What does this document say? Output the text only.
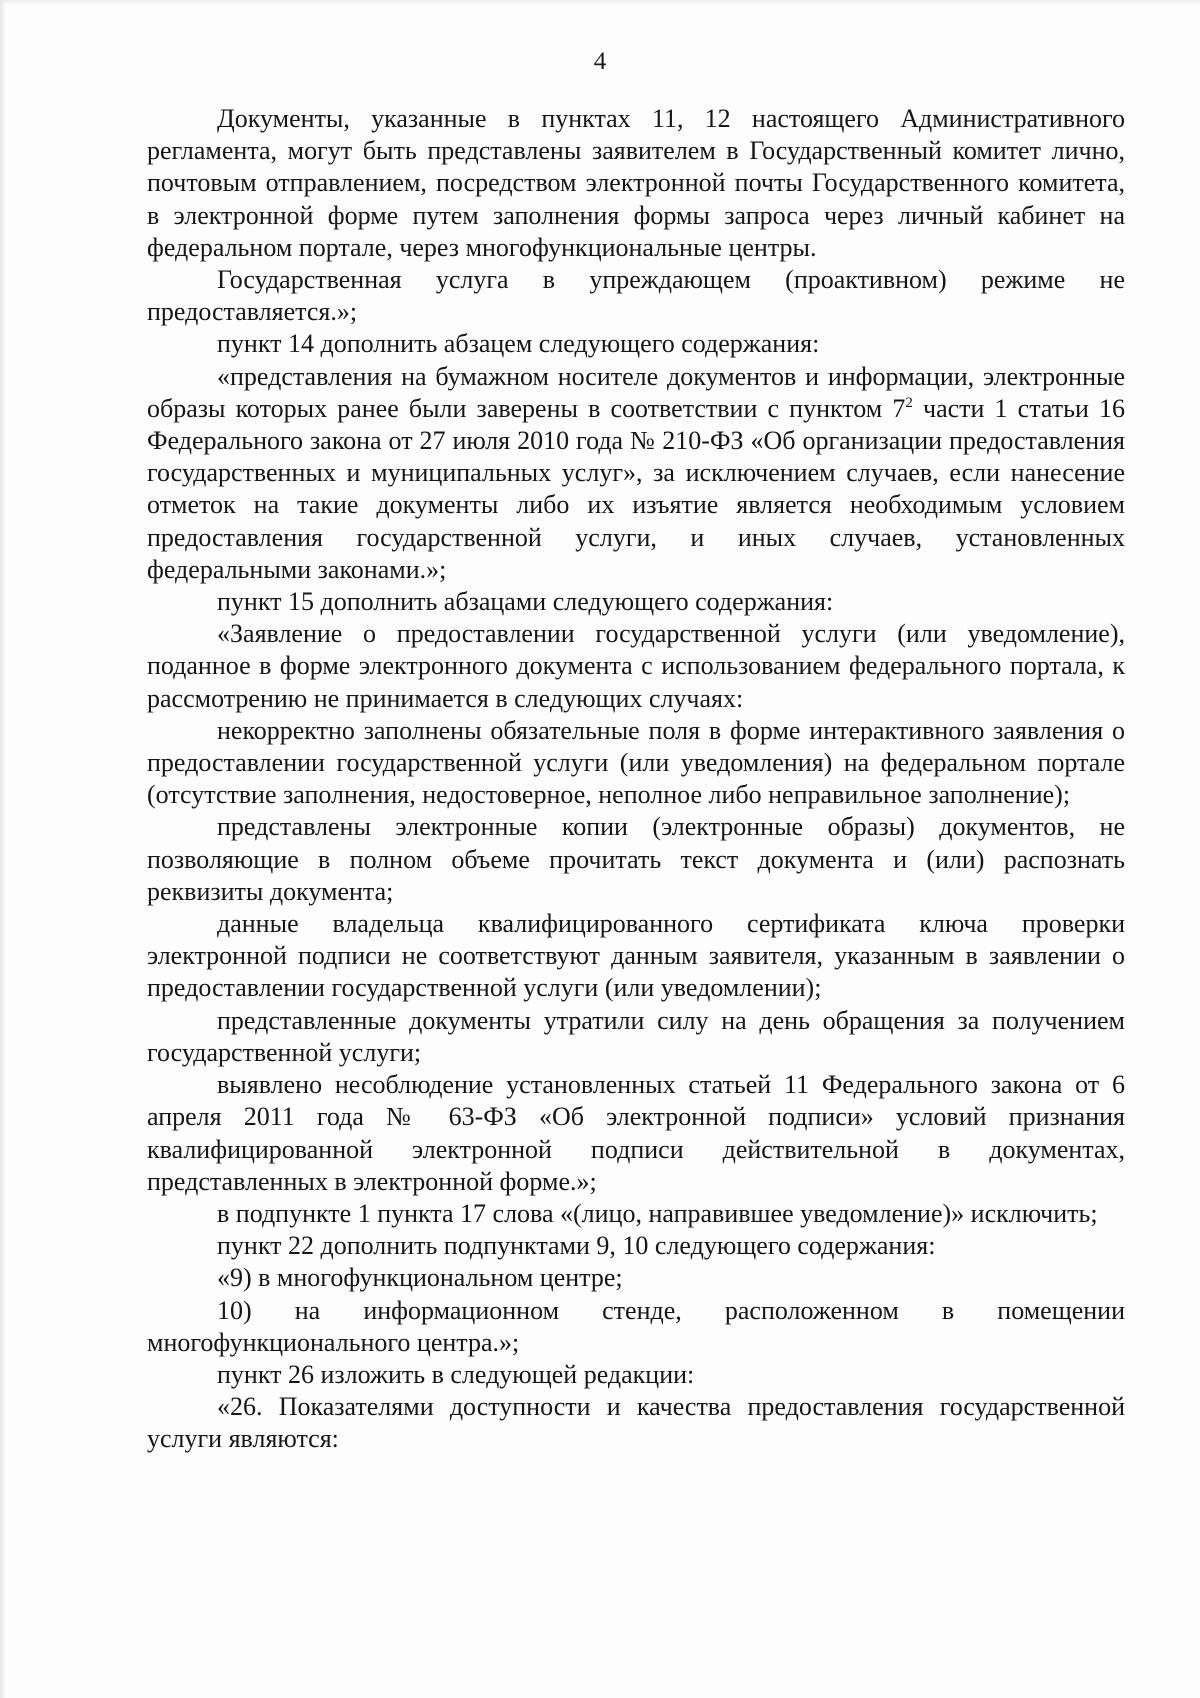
4

Документы, указанные в пунктах 11, 12 настоящего Административного регламента, могут быть представлены заявителем в Государственный комитет лично, почтовым отправлением, посредством электронной почты Государственного комитета, в электронной форме путем заполнения формы запроса через личный кабинет на федеральном портале, через многофункциональные центры.

Государственная услуга в упреждающем (проактивном) режиме не предоставляется.»;

пункт 14 дополнить абзацем следующего содержания:

«представления на бумажном носителе документов и информации, электронные образы которых ранее были заверены в соответствии с пунктом $7^2$ части 1 статьи 16 Федерального закона от 27 июля 2010 года № 210-ФЗ «Об организации предоставления государственных и муниципальных услуг», за исключением случаев, если нанесение отметок на такие документы либо их изъятие является необходимым условием предоставления государственной услуги, и иных случаев, установленных федеральными законами.»;

пункт 15 дополнить абзацами следующего содержания:

«Заявление о предоставлении государственной услуги (или уведомление), поданное в форме электронного документа с использованием федерального портала, к рассмотрению не принимается в следующих случаях:

некорректно заполнены обязательные поля в форме интерактивного заявления о предоставлении государственной услуги (или уведомления) на федеральном портале (отсутствие заполнения, недостоверное, неполное либо неправильное заполнение);

представлены электронные копии (электронные образы) документов, не позволяющие в полном объеме прочитать текст документа и (или) распознать реквизиты документа;

данные владельца квалифицированного сертификата ключа проверки электронной подписи не соответствуют данным заявителя, указанным в заявлении о предоставлении государственной услуги (или уведомлении);

представленные документы утратили силу на день обращения за получением государственной услуги;

выявлено несоблюдение установленных статьей 11 Федерального закона от 6 апреля 2011 года № 63-ФЗ «Об электронной подписи» условий признания квалифицированной электронной подписи действительной в документах, представленных в электронной форме.»;

в подпункте 1 пункта 17 слова «(лицо, направившее уведомление)» исключить;

пункт 22 дополнить подпунктами 9, 10 следующего содержания:

«9) в многофункциональном центре;

10) на информационном стенде, расположенном в помещении многофункционального центра.»;

пункт 26 изложить в следующей редакции:

«26. Показателями доступности и качества предоставления государственной услуги являются:
